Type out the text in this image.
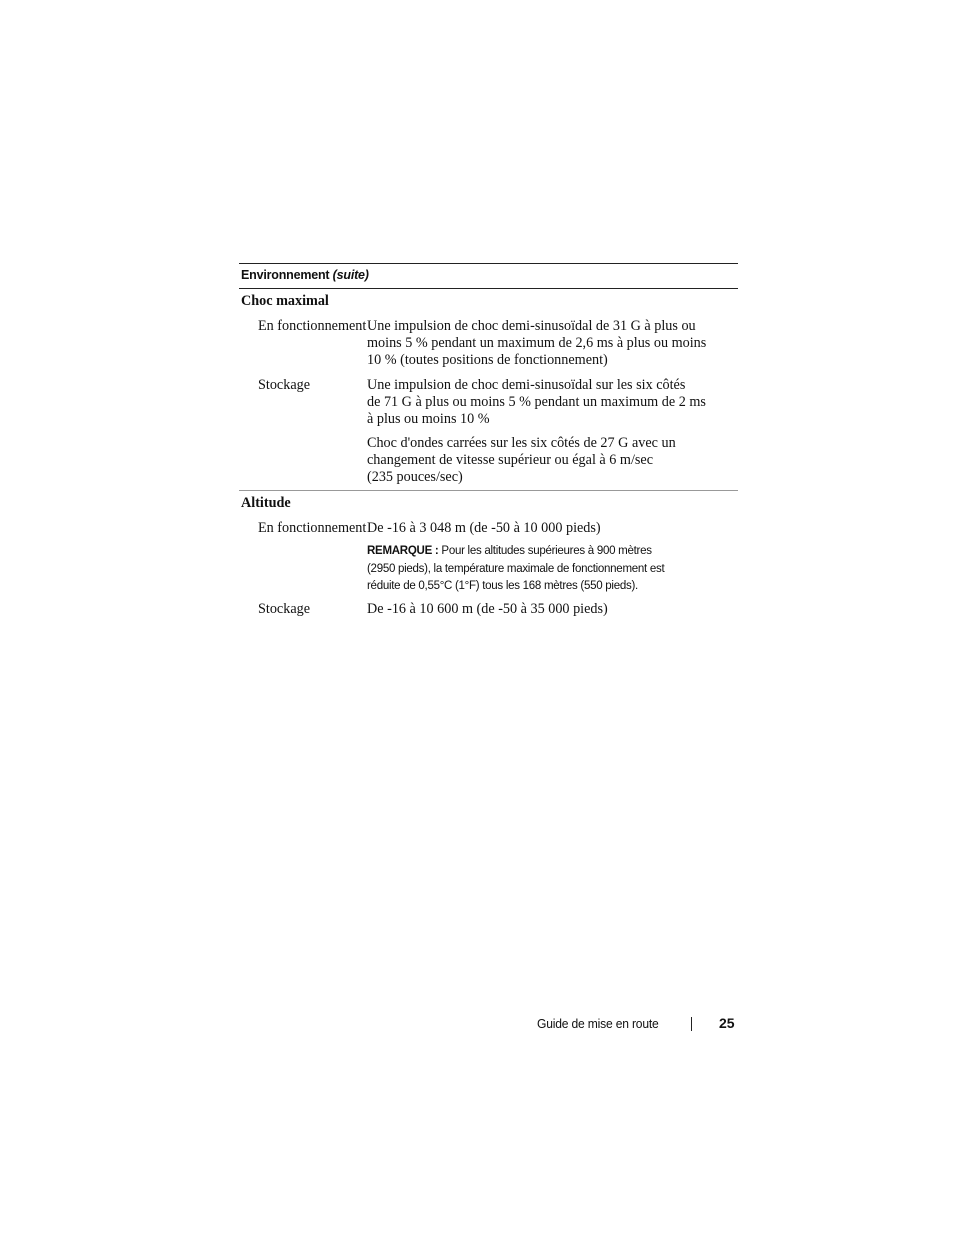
Environnement (suite)
Choc maximal
En fonctionnement Une impulsion de choc demi-sinusoïdal de 31 G à plus ou
moins 5 % pendant un maximum de 2,6 ms à plus ou moins
10 % (toutes positions de fonctionnement)
Stockage	Une impulsion de choc demi-sinusoïdal sur les six côtés
de 71 G à plus ou moins 5 % pendant un maximum de 2 ms
à plus ou moins 10 %
Choc d'ondes carrées sur les six côtés de 27 G avec un
changement de vitesse supérieur ou égal à 6 m/sec
(235 pouces/sec)
Altitude
En fonctionnement De -16 à 3 048 m (de -50 à 10 000 pieds)
REMARQUE : Pour les altitudes supérieures à 900 mètres
(2950 pieds), la température maximale de fonctionnement est
réduite de 0,55°C (1°F) tous les 168 mètres (550 pieds).
Stockage	De -16 à 10 600 m (de -50 à 35 000 pieds)
Guide de mise en route	25
